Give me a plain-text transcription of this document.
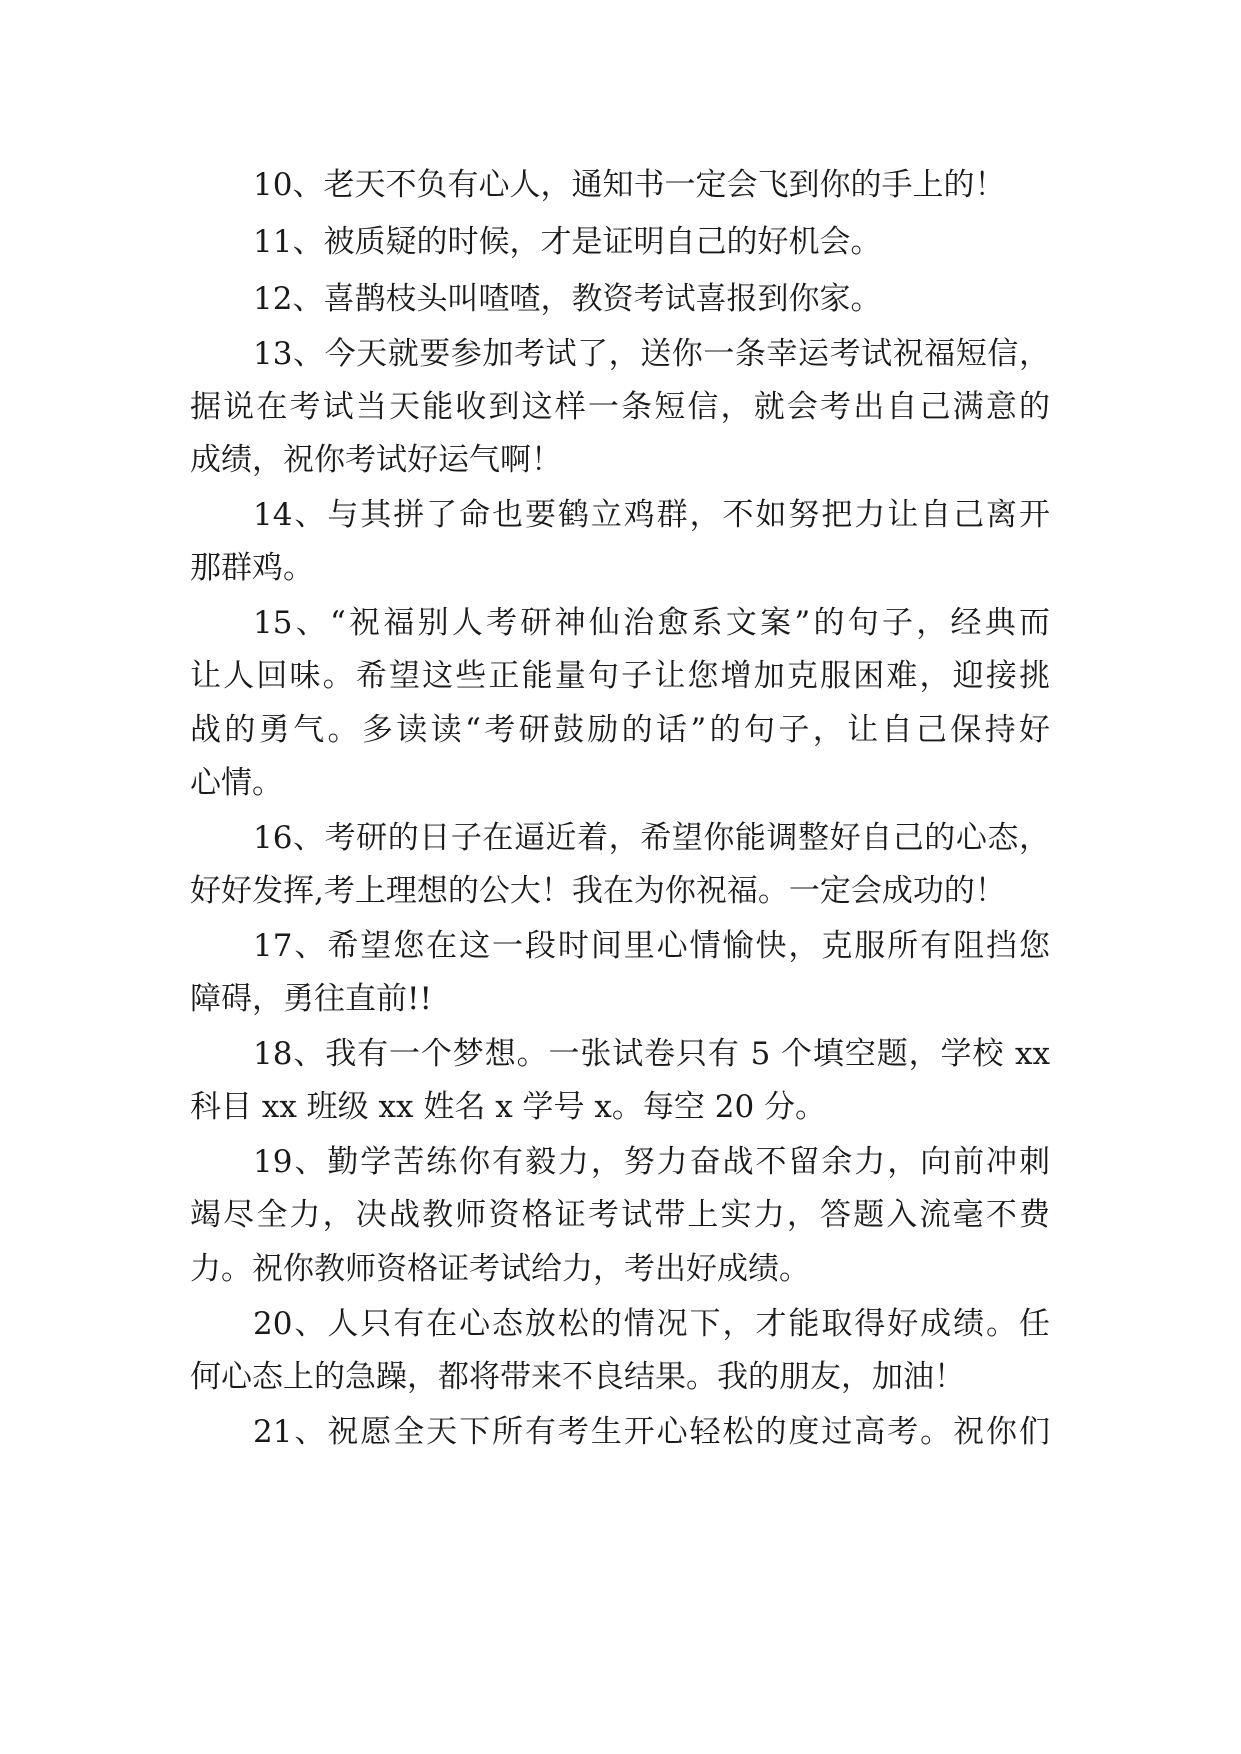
10、老天不负有心人，通知书一定会飞到你的手上的！
11、被质疑的时候，才是证明自己的好机会。
12、喜鹊枝头叫喳喳，教资考试喜报到你家。
13、今天就要参加考试了，送你一条幸运考试祝福短信，
据说在考试当天能收到这样一条短信，就会考出自己满意的
成绩，祝你考试好运气啊！
14、与其拼了命也要鹤立鸡群，不如努把力让自己离开
那群鸡。
15、“祝福别人考研神仙治愈系文案”的句子，经典而
让人回味。希望这些正能量句子让您增加克服困难，迎接挑
战的勇气。多读读“考研鼓励的话”的句子，让自己保持好
心情。
16、考研的日子在逼近着，希望你能调整好自己的心态，
好好发挥,考上理想的公大！我在为你祝福。一定会成功的！
17、希望您在这一段时间里心情愉快，克服所有阻挡您
障碍，勇往直前!!
18、我有一个梦想。一张试卷只有 5 个填空题，学校 xx
科目 xx 班级 xx 姓名 x 学号 x。每空 20 分。
19、勤学苦练你有毅力，努力奋战不留余力，向前冲刺
竭尽全力，决战教师资格证考试带上实力，答题入流毫不费
力。祝你教师资格证考试给力，考出好成绩。
20、人只有在心态放松的情况下，才能取得好成绩。任
何心态上的急躁，都将带来不良结果。我的朋友，加油！
21、祝愿全天下所有考生开心轻松的度过高考。祝你们
